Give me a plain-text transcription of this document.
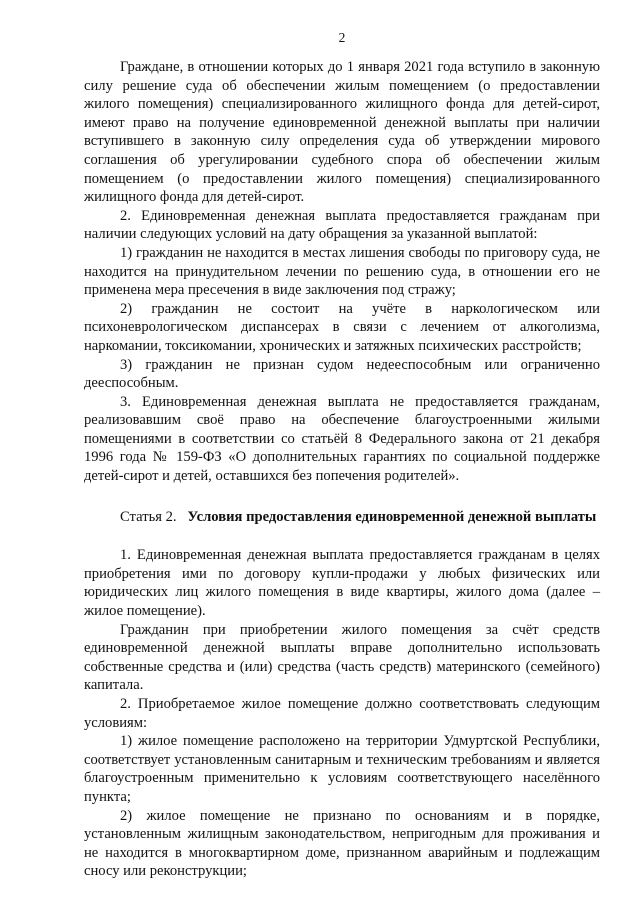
2

Граждане, в отношении которых до 1 января 2021 года вступило в законную силу решение суда об обеспечении жилым помещением (о предоставлении жилого помещения) специализированного жилищного фонда для детей-сирот, имеют право на получение единовременной денежной выплаты при наличии вступившего в законную силу определения суда об утверждении мирового соглашения об урегулировании судебного спора об обеспечении жилым помещением (о предоставлении жилого помещения) специализированного жилищного фонда для детей-сирот.

2. Единовременная денежная выплата предоставляется гражданам при наличии следующих условий на дату обращения за указанной выплатой:

1) гражданин не находится в местах лишения свободы по приговору суда, не находится на принудительном лечении по решению суда, в отношении его не применена мера пресечения в виде заключения под стражу;

2) гражданин не состоит на учёте в наркологическом или психоневрологическом диспансерах в связи с лечением от алкоголизма, наркомании, токсикомании, хронических и затяжных психических расстройств;

3) гражданин не признан судом недееспособным или ограниченно дееспособным.

3. Единовременная денежная выплата не предоставляется гражданам, реализовавшим своё право на обеспечение благоустроенными жилыми помещениями в соответствии со статьёй 8 Федерального закона от 21 декабря 1996 года № 159-ФЗ «О дополнительных гарантиях по социальной поддержке детей-сирот и детей, оставшихся без попечения родителей».

Статья 2. Условия предоставления единовременной денежной выплаты

1. Единовременная денежная выплата предоставляется гражданам в целях приобретения ими по договору купли-продажи у любых физических или юридических лиц жилого помещения в виде квартиры, жилого дома (далее – жилое помещение).

Гражданин при приобретении жилого помещения за счёт средств единовременной денежной выплаты вправе дополнительно использовать собственные средства и (или) средства (часть средств) материнского (семейного) капитала.

2. Приобретаемое жилое помещение должно соответствовать следующим условиям:

1) жилое помещение расположено на территории Удмуртской Республики, соответствует установленным санитарным и техническим требованиям и является благоустроенным применительно к условиям соответствующего населённого пункта;

2) жилое помещение не признано по основаниям и в порядке, установленным жилищным законодательством, непригодным для проживания и не находится в многоквартирном доме, признанном аварийным и подлежащим сносу или реконструкции;
